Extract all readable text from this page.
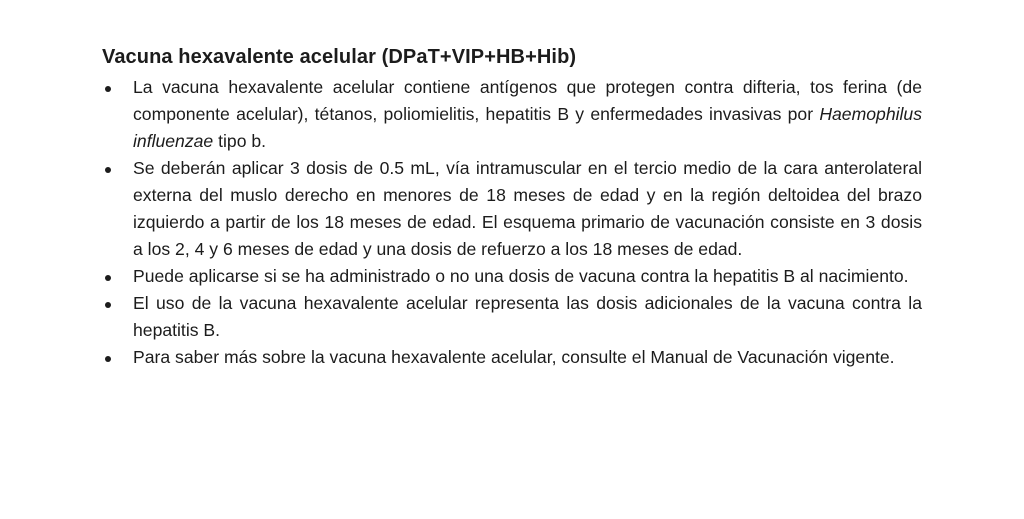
Vacuna hexavalente acelular (DPaT+VIP+HB+Hib)
La vacuna hexavalente acelular contiene antígenos que protegen contra difteria, tos ferina (de componente acelular), tétanos, poliomielitis, hepatitis B y enfermedades invasivas por Haemophilus influenzae tipo b.
Se deberán aplicar 3 dosis de 0.5 mL, vía intramuscular en el tercio medio de la cara anterolateral externa del muslo derecho en menores de 18 meses de edad y en la región deltoidea del brazo izquierdo a partir de los 18 meses de edad. El esquema primario de vacunación consiste en 3 dosis a los 2, 4 y 6 meses de edad y una dosis de refuerzo a los 18 meses de edad.
Puede aplicarse si se ha administrado o no una dosis de vacuna contra la hepatitis B al nacimiento.
El uso de la vacuna hexavalente acelular representa las dosis adicionales de la vacuna contra la hepatitis B.
Para saber más sobre la vacuna hexavalente acelular, consulte el Manual de Vacunación vigente.
